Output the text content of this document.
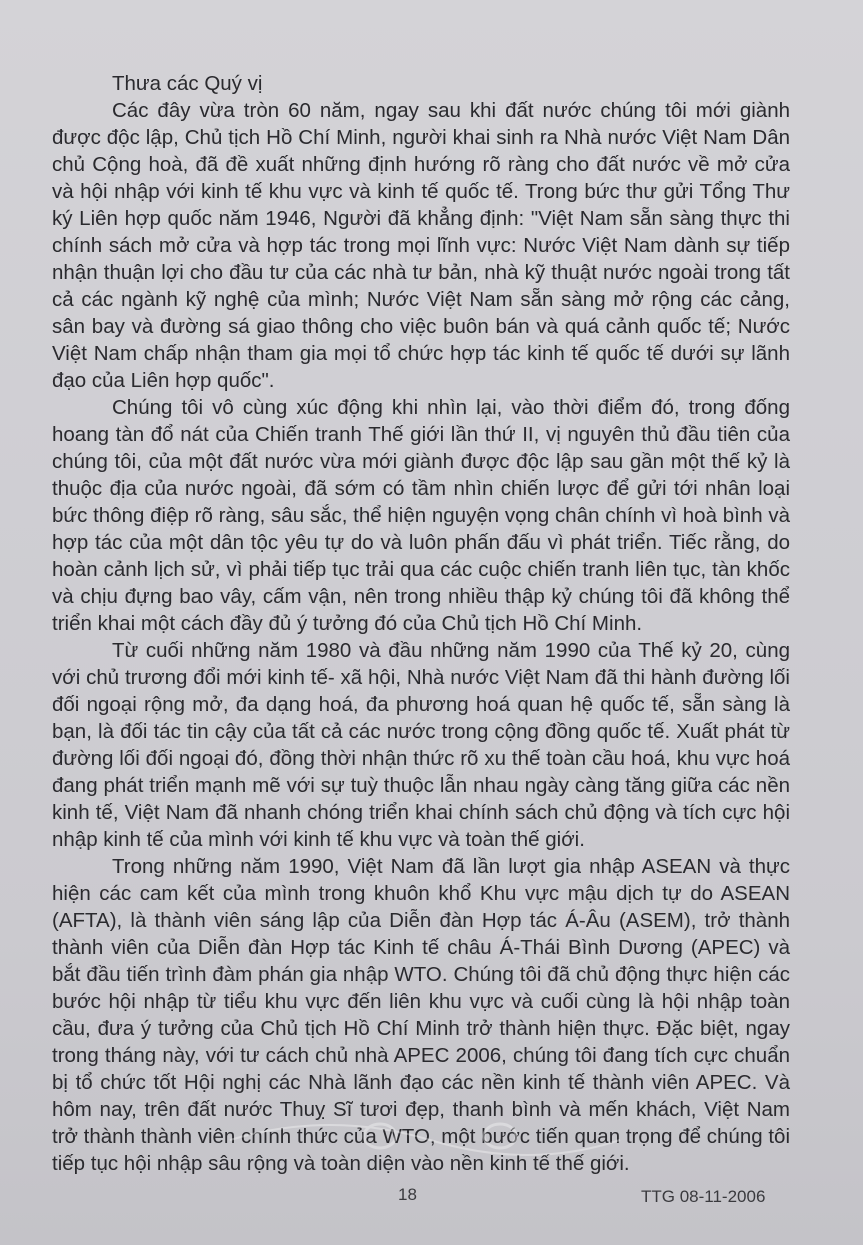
Thưa các Quý vị

Các đây vừa tròn 60 năm, ngay sau khi đất nước chúng tôi mới giành được độc lập, Chủ tịch Hồ Chí Minh, người khai sinh ra Nhà nước Việt Nam Dân chủ Cộng hoà, đã đề xuất những định hướng rõ ràng cho đất nước về mở cửa và hội nhập với kinh tế khu vực và kinh tế quốc tế. Trong bức thư gửi Tổng Thư ký Liên hợp quốc năm 1946, Người đã khẳng định: "Việt Nam sẵn sàng thực thi chính sách mở cửa và hợp tác trong mọi lĩnh vực: Nước Việt Nam dành sự tiếp nhận thuận lợi cho đầu tư của các nhà tư bản, nhà kỹ thuật nước ngoài trong tất cả các ngành kỹ nghệ của mình; Nước Việt Nam sẵn sàng mở rộng các cảng, sân bay và đường sá giao thông cho việc buôn bán và quá cảnh quốc tế; Nước Việt Nam chấp nhận tham gia mọi tổ chức hợp tác kinh tế quốc tế dưới sự lãnh đạo của Liên hợp quốc".

Chúng tôi vô cùng xúc động khi nhìn lại, vào thời điểm đó, trong đống hoang tàn đổ nát của Chiến tranh Thế giới lần thứ II, vị nguyên thủ đầu tiên của chúng tôi, của một đất nước vừa mới giành được độc lập sau gần một thế kỷ là thuộc địa của nước ngoài, đã sớm có tầm nhìn chiến lược để gửi tới nhân loại bức thông điệp rõ ràng, sâu sắc, thể hiện nguyện vọng chân chính vì hoà bình và hợp tác của một dân tộc yêu tự do và luôn phấn đấu vì phát triển. Tiếc rằng, do hoàn cảnh lịch sử, vì phải tiếp tục trải qua các cuộc chiến tranh liên tục, tàn khốc và chịu đựng bao vây, cấm vận, nên trong nhiều thập kỷ chúng tôi đã không thể triển khai một cách đầy đủ ý tưởng đó của Chủ tịch Hồ Chí Minh.

Từ cuối những năm 1980 và đầu những năm 1990 của Thế kỷ 20, cùng với chủ trương đổi mới kinh tế- xã hội, Nhà nước Việt Nam đã thi hành đường lối đối ngoại rộng mở, đa dạng hoá, đa phương hoá quan hệ quốc tế, sẵn sàng là bạn, là đối tác tin cậy của tất cả các nước trong cộng đồng quốc tế. Xuất phát từ đường lối đối ngoại đó, đồng thời nhận thức rõ xu thế toàn cầu hoá, khu vực hoá đang phát triển mạnh mẽ với sự tuỳ thuộc lẫn nhau ngày càng tăng giữa các nền kinh tế, Việt Nam đã nhanh chóng triển khai chính sách chủ động và tích cực hội nhập kinh tế của mình với kinh tế khu vực và toàn thế giới.

Trong những năm 1990, Việt Nam đã lần lượt gia nhập ASEAN và thực hiện các cam kết của mình trong khuôn khổ Khu vực mậu dịch tự do ASEAN (AFTA), là thành viên sáng lập của Diễn đàn Hợp tác Á-Âu (ASEM), trở thành thành viên của Diễn đàn Hợp tác Kinh tế châu Á-Thái Bình Dương (APEC) và bắt đầu tiến trình đàm phán gia nhập WTO. Chúng tôi đã chủ động thực hiện các bước hội nhập từ tiểu khu vực đến liên khu vực và cuối cùng là hội nhập toàn cầu, đưa ý tưởng của Chủ tịch Hồ Chí Minh trở thành hiện thực. Đặc biệt, ngay trong tháng này, với tư cách chủ nhà APEC 2006, chúng tôi đang tích cực chuẩn bị tổ chức tốt Hội nghị các Nhà lãnh đạo các nền kinh tế thành viên APEC. Và hôm nay, trên đất nước Thuỵ Sĩ tươi đẹp, thanh bình và mến khách, Việt Nam trở thành thành viên chính thức của WTO, một bước tiến quan trọng để chúng tôi tiếp tục hội nhập sâu rộng và toàn diện vào nền kinh tế thế giới.

18	TTG 08-11-2006
